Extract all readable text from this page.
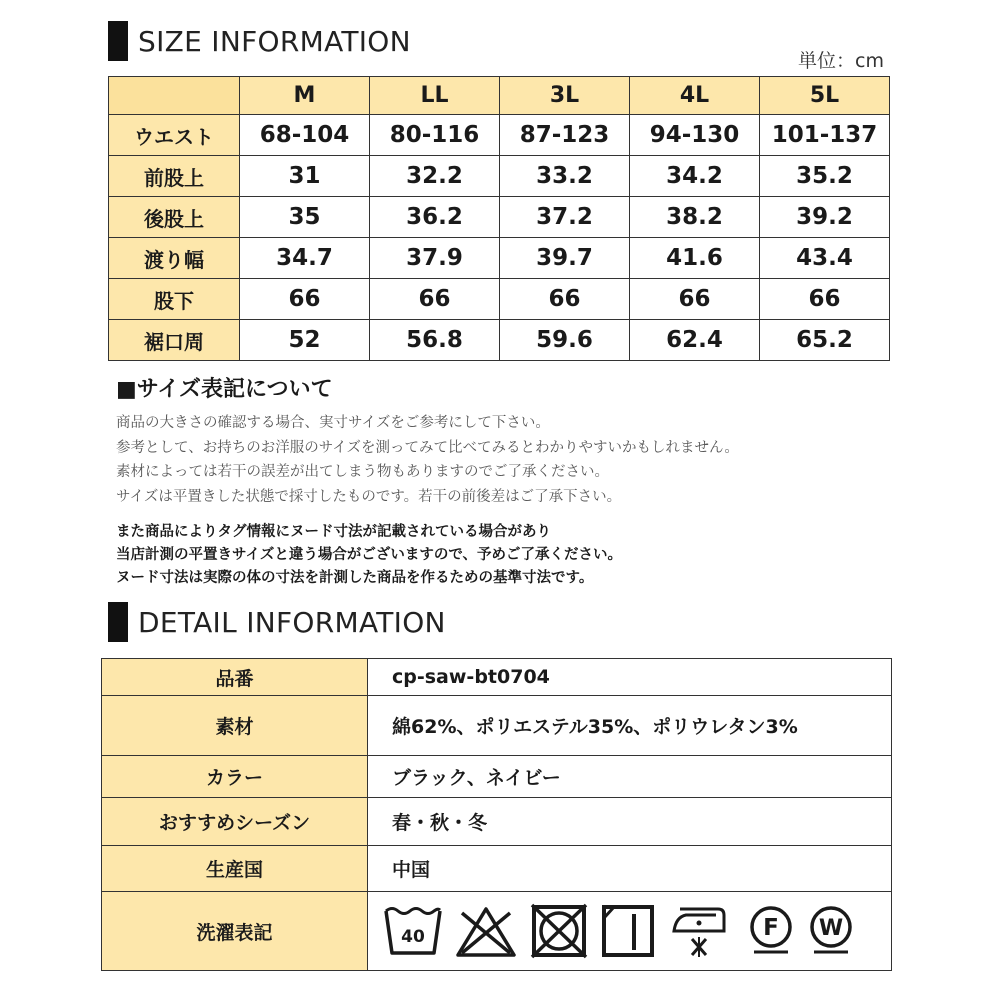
SIZE INFORMATION
単位：cm
	M	LL	3L	4L	5L
ウエスト	68-104	80-116	87-123	94-130	101-137
前股上	31	32.2	33.2	34.2	35.2
後股上	35	36.2	37.2	38.2	39.2
渡り幅	34.7	37.9	39.7	41.6	43.4
股下	66	66	66	66	66
裾口周	52	56.8	59.6	62.4	65.2
■サイズ表記について
商品の大きさの確認する場合、実寸サイズをご参考にして下さい。
参考として、お持ちのお洋服のサイズを測ってみて比べてみるとわかりやすいかもしれません。
素材によっては若干の誤差が出てしまう物もありますのでご了承ください。
サイズは平置きした状態で採寸したものです。若干の前後差はご了承下さい。
また商品によりタグ情報にヌード寸法が記載されている場合があり
当店計測の平置きサイズと違う場合がございますので、予めご了承ください。
ヌード寸法は実際の体の寸法を計測した商品を作るための基準寸法です。
DETAIL INFORMATION
品番	cp-saw-bt0704
素材	綿62%、ポリエステル35%、ポリウレタン3%
カラー	ブラック、ネイビー
おすすめシーズン	春・秋・冬
生産国	中国
洗濯表記	40 F W
